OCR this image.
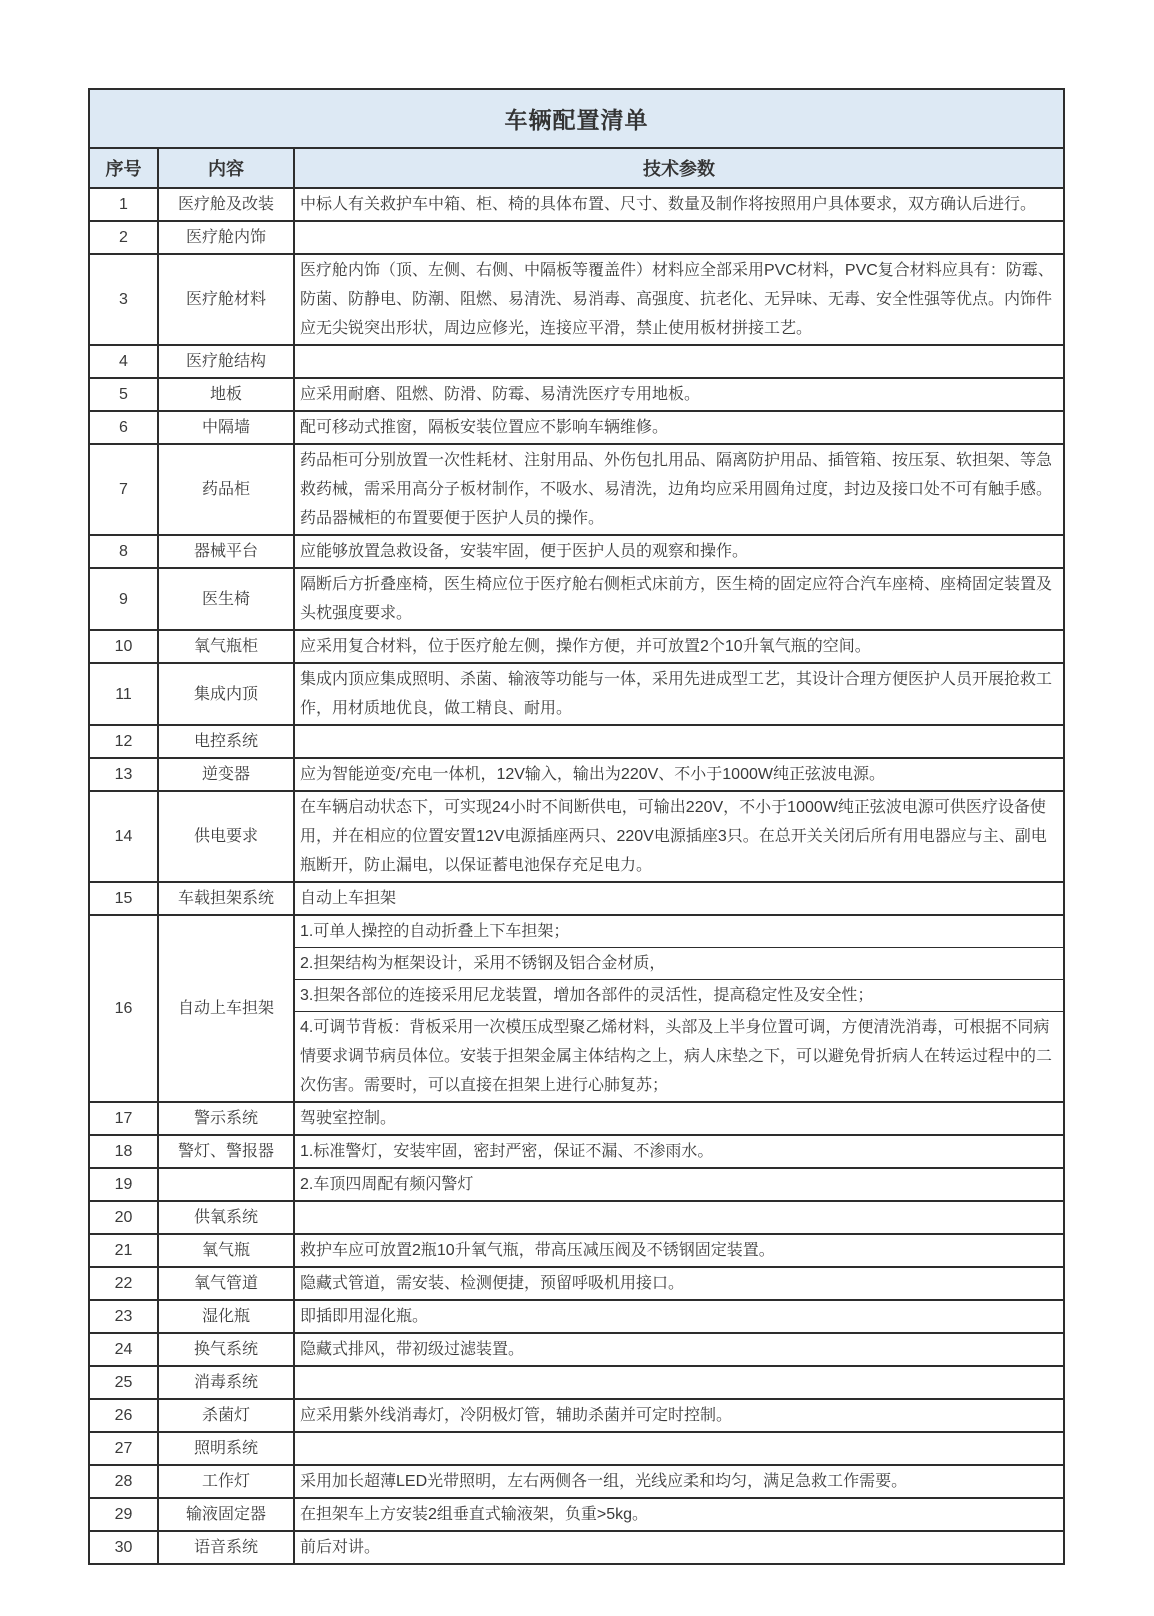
车辆配置清单		
序号	内容	技术参数
1	医疗舱及改装	中标人有关救护车中箱、柜、椅的具体布置、尺寸、数量及制作将按照用户具体要求，双方确认后进行。
2	医疗舱内饰	
3	医疗舱材料	医疗舱内饰（顶、左侧、右侧、中隔板等覆盖件）材料应全部采用PVC材料，PVC复合材料应具有：防霉、防菌、防静电、防潮、阻燃、易清洗、易消毒、高强度、抗老化、无异味、无毒、安全性强等优点。内饰件应无尖锐突出形状，周边应修光，连接应平滑，禁止使用板材拼接工艺。
4	医疗舱结构	
5	地板	应采用耐磨、阻燃、防滑、防霉、易清洗医疗专用地板。
6	中隔墙	配可移动式推窗，隔板安装位置应不影响车辆维修。
7	药品柜	药品柜可分别放置一次性耗材、注射用品、外伤包扎用品、隔离防护用品、插管箱、按压泵、软担架、等急救药械，需采用高分子板材制作，不吸水、易清洗，边角均应采用圆角过度，封边及接口处不可有触手感。药品器械柜的布置要便于医护人员的操作。
8	器械平台	应能够放置急救设备，安装牢固，便于医护人员的观察和操作。
9	医生椅	隔断后方折叠座椅，医生椅应位于医疗舱右侧柜式床前方，医生椅的固定应符合汽车座椅、座椅固定装置及头枕强度要求。
10	氧气瓶柜	应采用复合材料，位于医疗舱左侧，操作方便，并可放置2个10升氧气瓶的空间。
11	集成内顶	集成内顶应集成照明、杀菌、输液等功能与一体，采用先进成型工艺，其设计合理方便医护人员开展抢救工作，用材质地优良，做工精良、耐用。
12	电控系统	
13	逆变器	应为智能逆变/充电一体机，12V输入，输出为220V、不小于1000W纯正弦波电源。
14	供电要求	在车辆启动状态下，可实现24小时不间断供电，可输出220V，不小于1000W纯正弦波电源可供医疗设备使用，并在相应的位置安置12V电源插座两只、220V电源插座3只。在总开关关闭后所有用电器应与主、副电瓶断开，防止漏电，以保证蓄电池保存充足电力。
15	车载担架系统	自动上车担架
16	自动上车担架	1.可单人操控的自动折叠上下车担架；
		2.担架结构为框架设计，采用不锈钢及铝合金材质，
		3.担架各部位的连接采用尼龙装置，增加各部件的灵活性，提高稳定性及安全性；
		4.可调节背板：背板采用一次模压成型聚乙烯材料，头部及上半身位置可调，方便清洗消毒，可根据不同病情要求调节病员体位。安装于担架金属主体结构之上，病人床垫之下，可以避免骨折病人在转运过程中的二次伤害。需要时，可以直接在担架上进行心肺复苏；
17	警示系统	驾驶室控制。
18	警灯、警报器	1.标准警灯，安装牢固，密封严密，保证不漏、不渗雨水。
19		2.车顶四周配有频闪警灯
20	供氧系统	
21	氧气瓶	救护车应可放置2瓶10升氧气瓶，带高压减压阀及不锈钢固定装置。
22	氧气管道	隐藏式管道，需安装、检测便捷，预留呼吸机用接口。
23	湿化瓶	即插即用湿化瓶。
24	换气系统	隐藏式排风，带初级过滤装置。
25	消毒系统	
26	杀菌灯	应采用紫外线消毒灯，冷阴极灯管，辅助杀菌并可定时控制。
27	照明系统	
28	工作灯	采用加长超薄LED光带照明，左右两侧各一组，光线应柔和均匀，满足急救工作需要。
29	输液固定器	在担架车上方安装2组垂直式输液架，负重>5kg。
30	语音系统	前后对讲。
